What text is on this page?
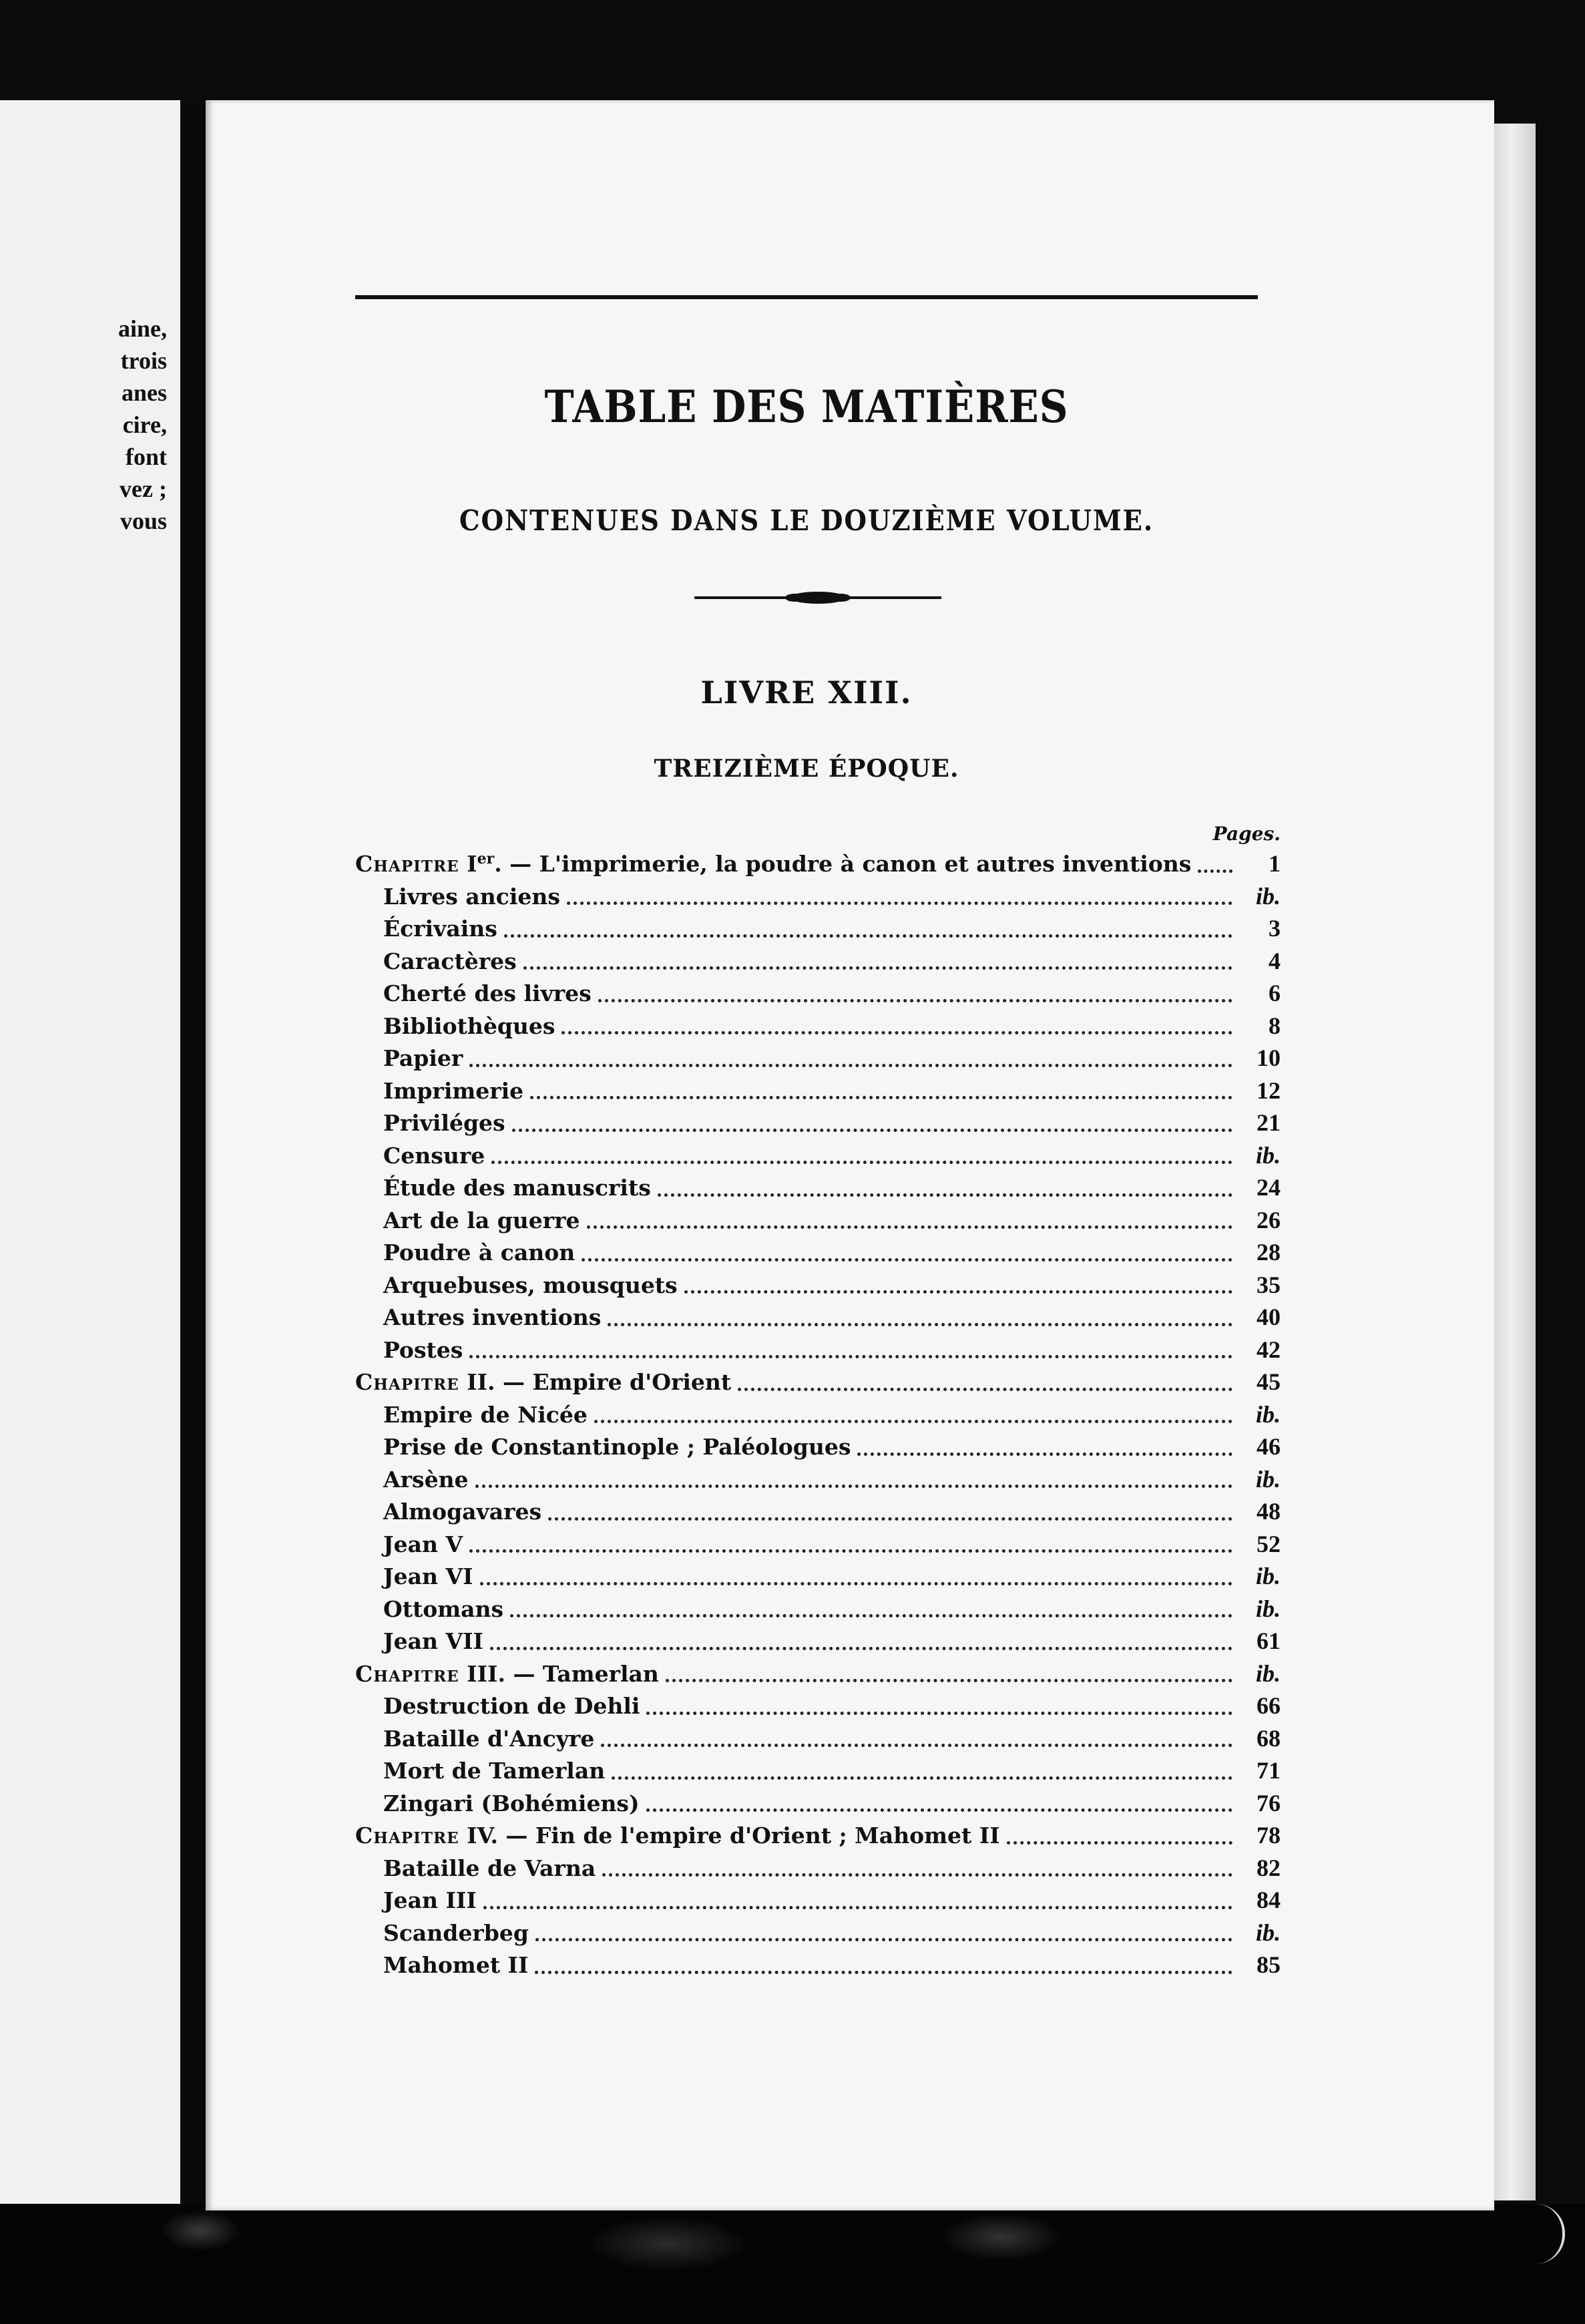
aine,
trois
anes
cire,
font
vez ;
vous
TABLE DES MATIÈRES
CONTENUES DANS LE DOUZIÈME VOLUME.
LIVRE XIII.
TREIZIÈME ÉPOQUE.
Pages.
Chapitre Ier. — L'imprimerie, la poudre à canon et autres inventions	1
Livres anciens	ib.
Écrivains	3
Caractères	4
Cherté des livres	6
Bibliothèques	8
Papier	10
Imprimerie	12
Priviléges	21
Censure	ib.
Étude des manuscrits	24
Art de la guerre	26
Poudre à canon	28
Arquebuses, mousquets	35
Autres inventions	40
Postes	42
Chapitre II. — Empire d'Orient	45
Empire de Nicée	ib.
Prise de Constantinople ; Paléologues	46
Arsène	ib.
Almogavares	48
Jean V	52
Jean VI	ib.
Ottomans	ib.
Jean VII	61
Chapitre III. — Tamerlan	ib.
Destruction de Dehli	66
Bataille d'Ancyre	68
Mort de Tamerlan	71
Zingari (Bohémiens)	76
Chapitre IV. — Fin de l'empire d'Orient ; Mahomet II	78
Bataille de Varna	82
Jean III	84
Scanderbeg	ib.
Mahomet II	85
